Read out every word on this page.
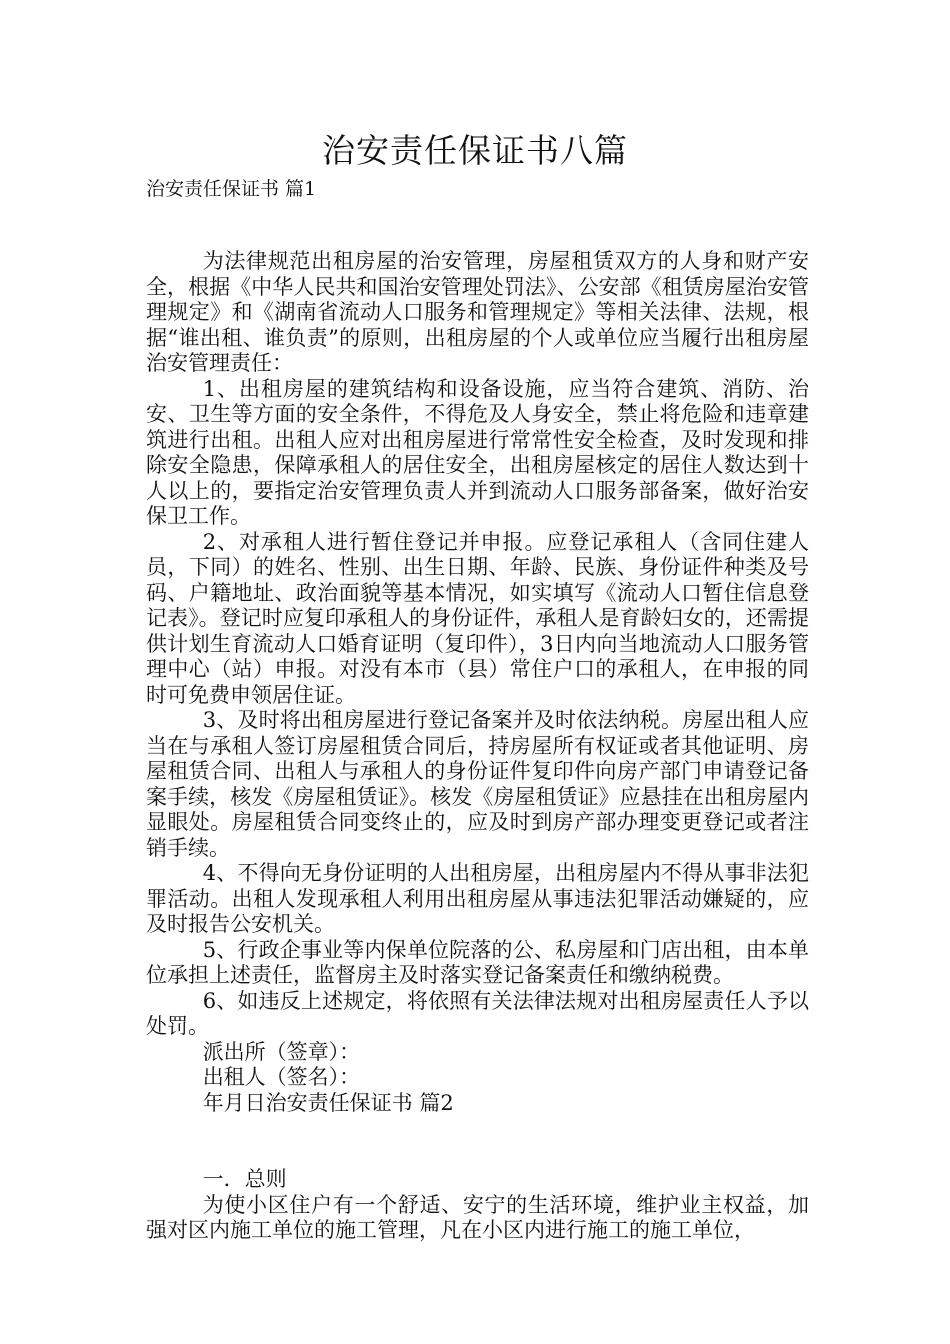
治安责任保证书八篇
治安责任保证书 篇1

为法律规范出租房屋的治安管理，房屋租赁双方的人身和财产安全，根据《中华人民共和国治安管理处罚法》、公安部《租赁房屋治安管理规定》和《湖南省流动人口服务和管理规定》等相关法律、法规，根据“谁出租、谁负责”的原则，出租房屋的个人或单位应当履行出租房屋治安管理责任：

1、出租房屋的建筑结构和设备设施，应当符合建筑、消防、治安、卫生等方面的安全条件，不得危及人身安全，禁止将危险和违章建筑进行出租。出租人应对出租房屋进行常常性安全检查，及时发现和排除安全隐患，保障承租人的居住安全，出租房屋核定的居住人数达到十人以上的，要指定治安管理负责人并到流动人口服务部备案，做好治安保卫工作。

2、对承租人进行暂住登记并申报。应登记承租人（含同住建人员，下同）的姓名、性别、出生日期、年龄、民族、身份证件种类及号码、户籍地址、政治面貌等基本情况，如实填写《流动人口暂住信息登记表》。登记时应复印承租人的身份证件，承租人是育龄妇女的，还需提供计划生育流动人口婚育证明（复印件），3日内向当地流动人口服务管理中心（站）申报。对没有本市（县）常住户口的承租人，在申报的同时可免费申领居住证。

3、及时将出租房屋进行登记备案并及时依法纳税。房屋出租人应当在与承租人签订房屋租赁合同后，持房屋所有权证或者其他证明、房屋租赁合同、出租人与承租人的身份证件复印件向房产部门申请登记备案手续，核发《房屋租赁证》。核发《房屋租赁证》应悬挂在出租房屋内显眼处。房屋租赁合同变终止的，应及时到房产部办理变更登记或者注销手续。

4、不得向无身份证明的人出租房屋，出租房屋内不得从事非法犯罪活动。出租人发现承租人利用出租房屋从事违法犯罪活动嫌疑的，应及时报告公安机关。

5、行政企事业等内保单位院落的公、私房屋和门店出租，由本单位承担上述责任，监督房主及时落实登记备案责任和缴纳税费。

6、如违反上述规定，将依照有关法律法规对出租房屋责任人予以处罚。

派出所（签章）：

出租人（签名）：

年月日治安责任保证书 篇2

一．总则

为使小区住户有一个舒适、安宁的生活环境，维护业主权益，加强对区内施工单位的施工管理，凡在小区内进行施工的施工单位，
